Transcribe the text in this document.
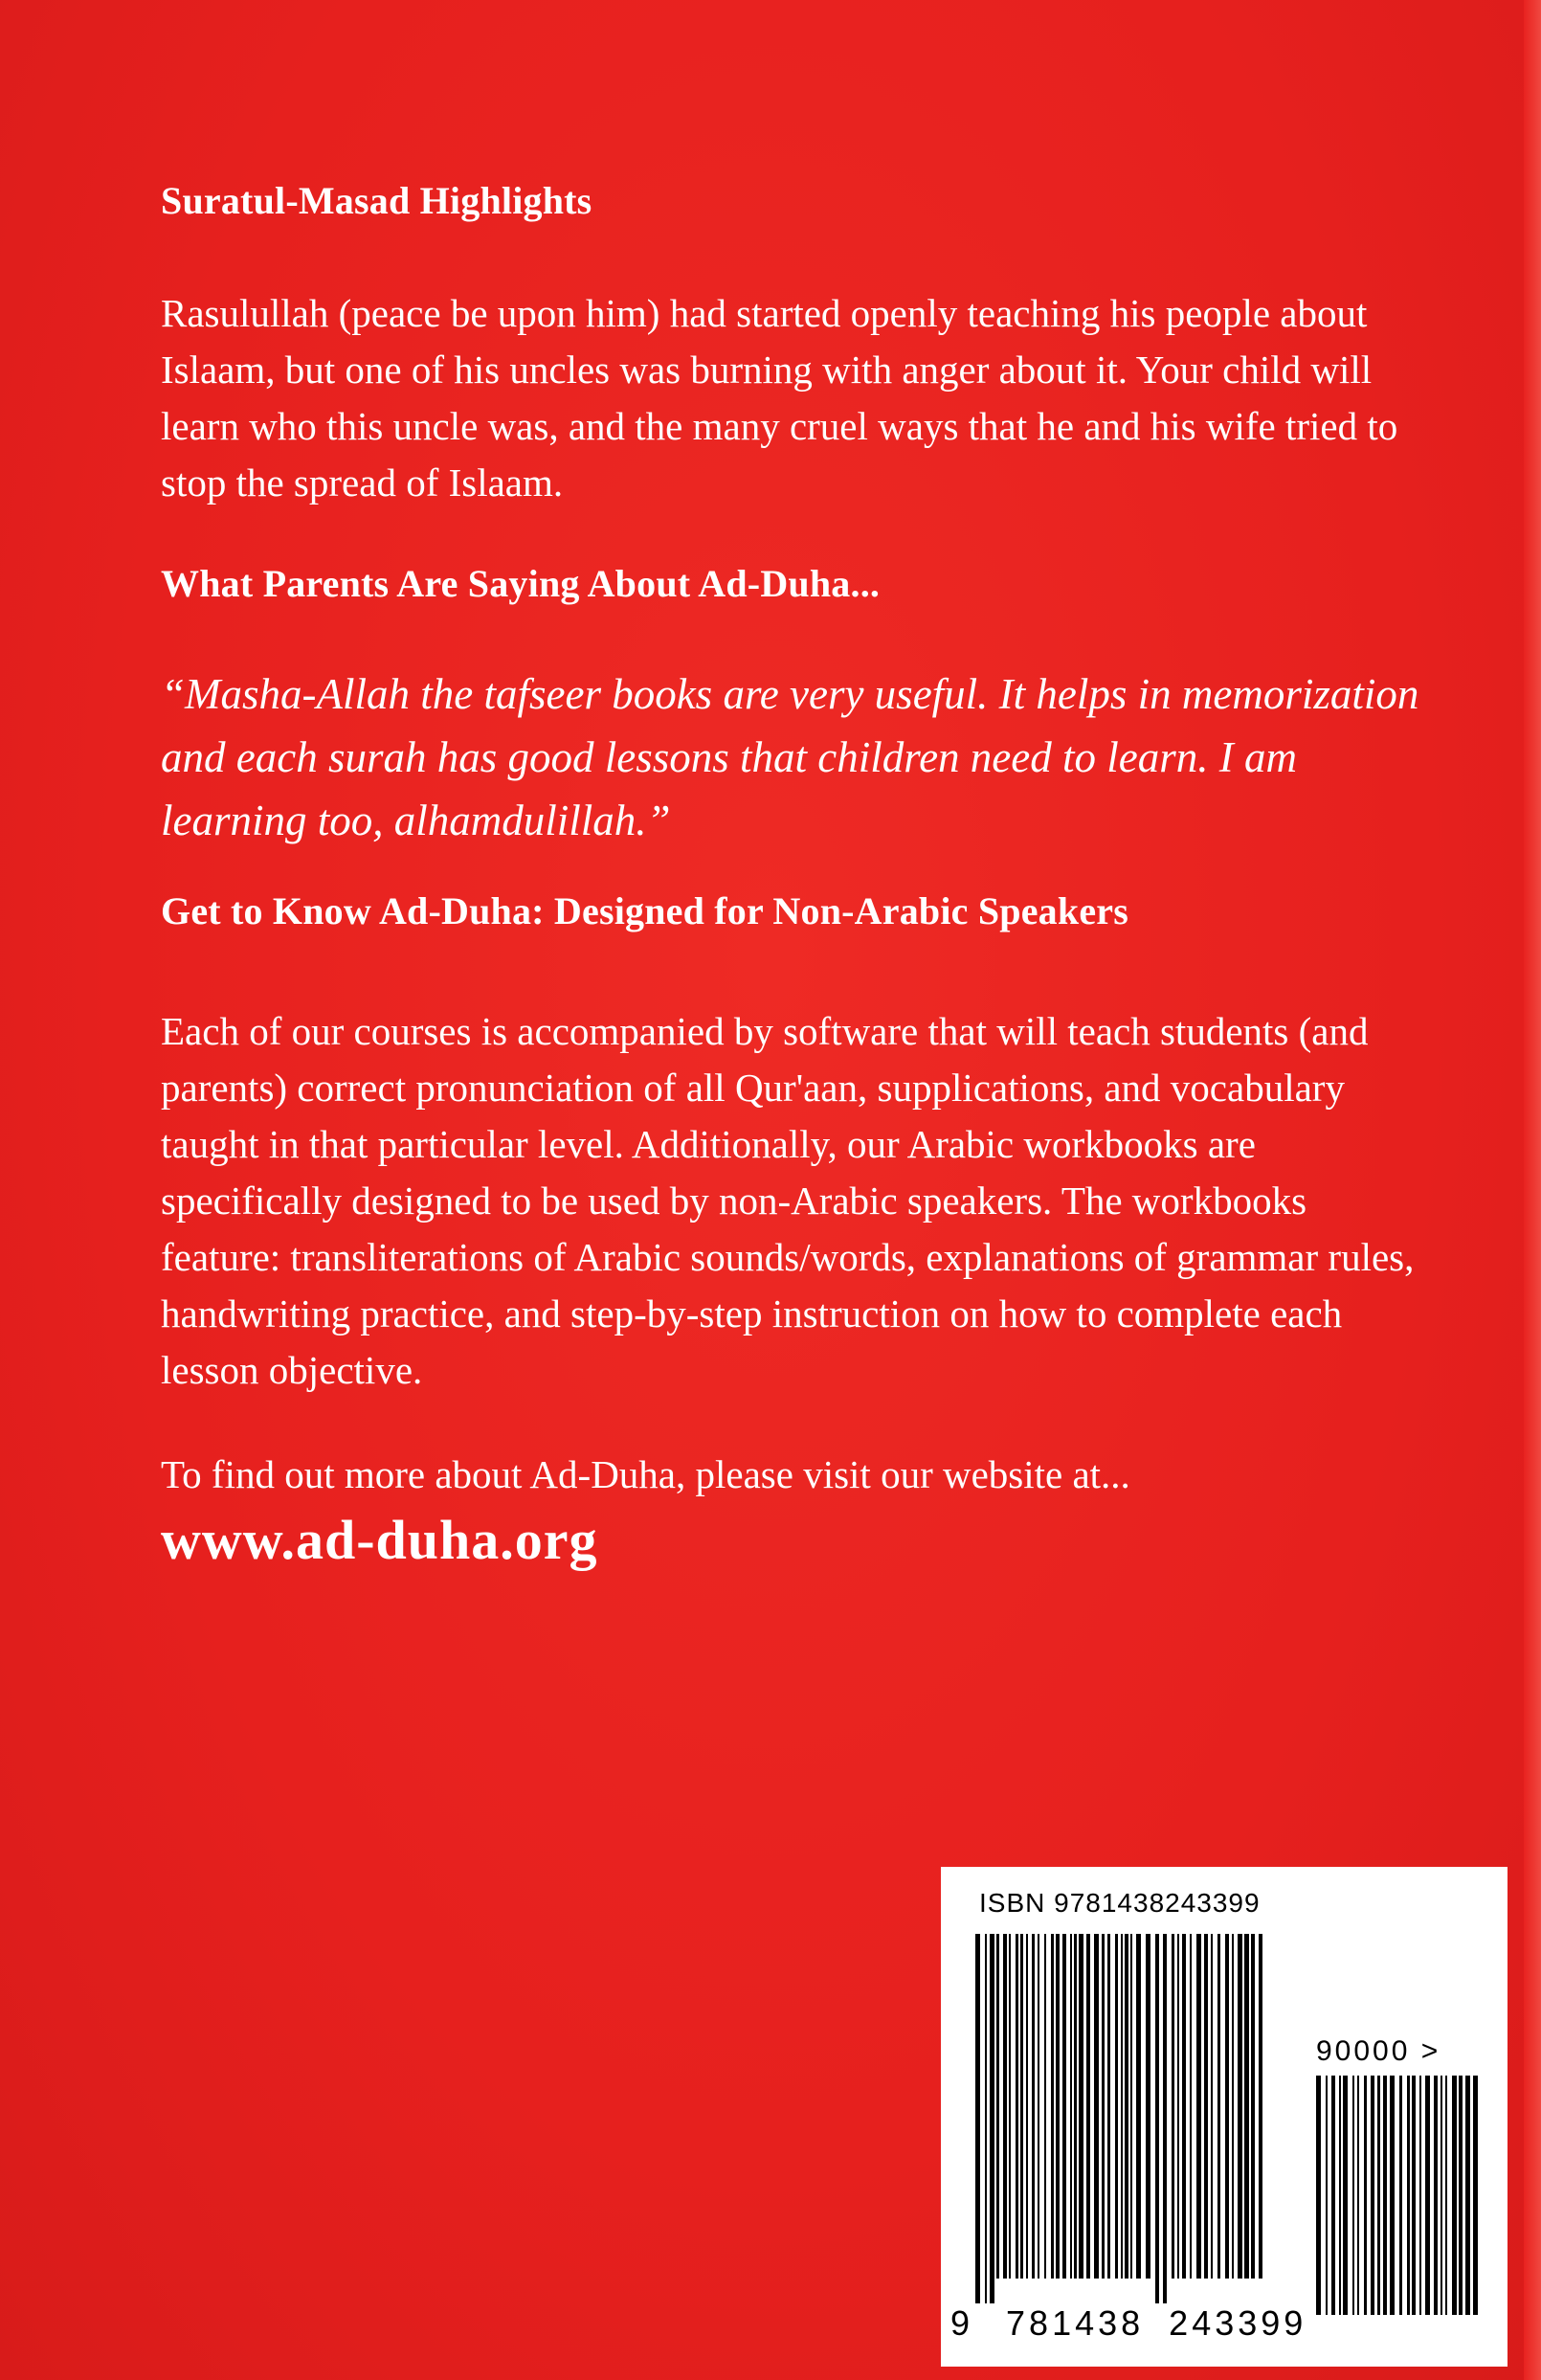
Suratul-Masad Highlights

Rasulullah (peace be upon him) had started openly teaching his people about Islaam, but one of his uncles was burning with anger about it. Your child will learn who this uncle was, and the many cruel ways that he and his wife tried to stop the spread of Islaam.

What Parents Are Saying About Ad-Duha...

“Masha-Allah the tafseer books are very useful. It helps in memorization and each surah has good lessons that children need to learn. I am learning too, alhamdulillah.”

Get to Know Ad-Duha: Designed for Non-Arabic Speakers

Each of our courses is accompanied by software that will teach students (and parents) correct pronunciation of all Qur'aan, supplications, and vocabulary taught in that particular level. Additionally, our Arabic workbooks are specifically designed to be used by non-Arabic speakers. The workbooks feature: transliterations of Arabic sounds/words, explanations of grammar rules, handwriting practice, and step-by-step instruction on how to complete each lesson objective.

To find out more about Ad-Duha, please visit our website at...

www.ad-duha.org

ISBN 9781438243399
90000 >
9 781438 243399
